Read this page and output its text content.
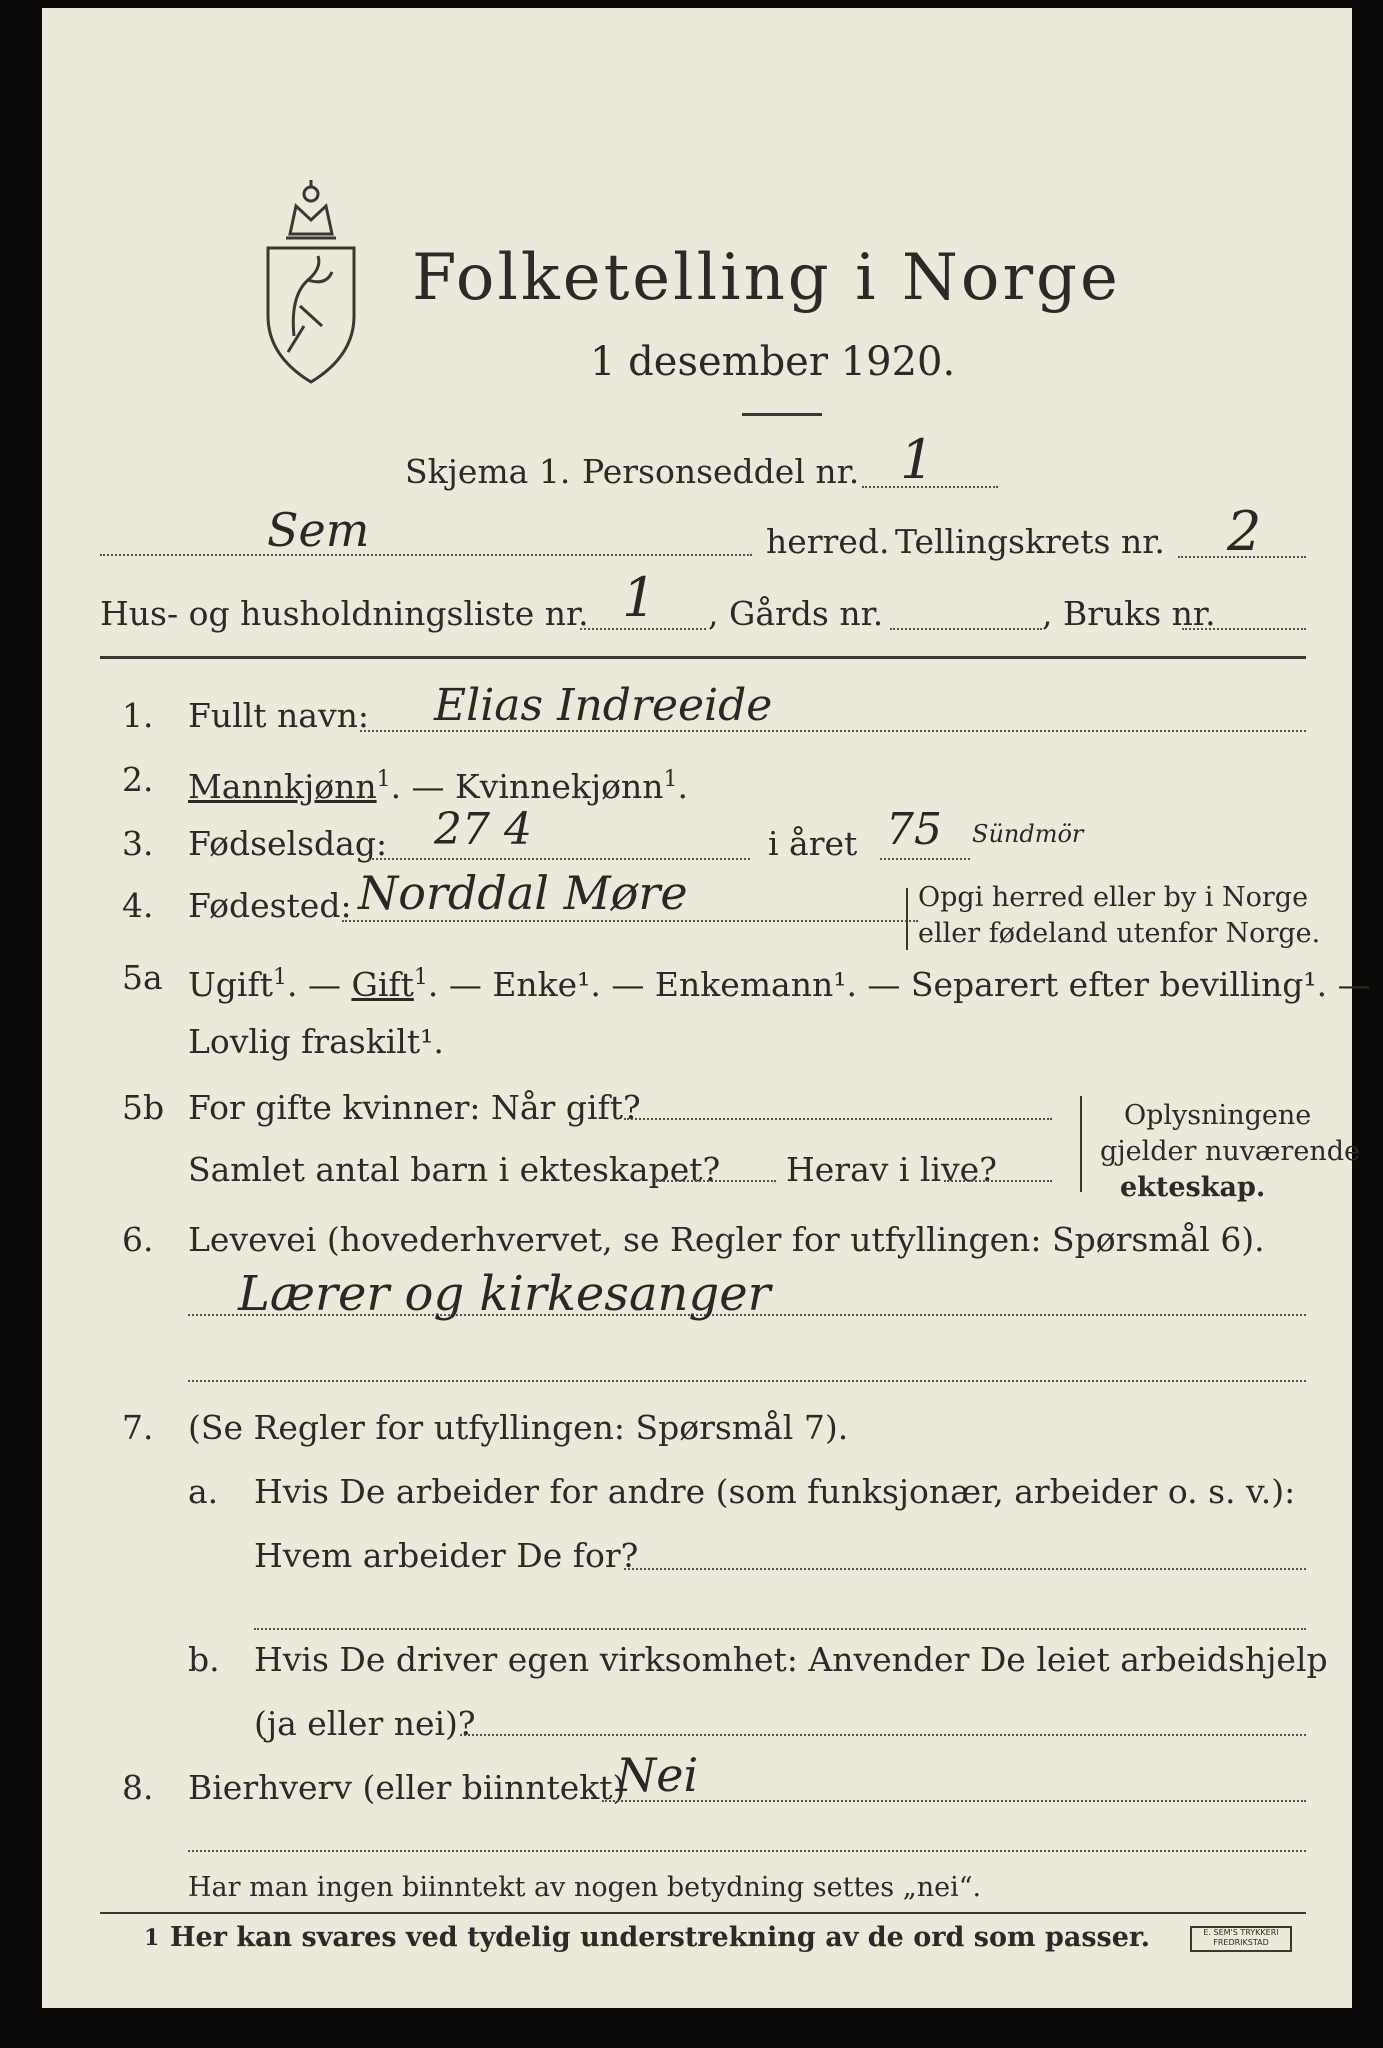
Folketelling i Norge
1 desember 1920.
Skjema 1. Personseddel nr. 1
Sem	herred. Tellingskrets nr. 2
Hus- og husholdningsliste nr. 1 , Gårds nr.	, Bruks nr.
1. Fullt navn: Elias Indreeide
2. Mannkjønn$^1$. — Kvinnekjønn$^1$.
3. Fødselsdag: 27 4	i året 75 Sündmör
4. Fødested: Norddal Møre	Opgi herred eller by i Norge
eller fødeland utenfor Norge.
5a Ugift$^1$. — Gift$^1$. — Enke¹. — Enkemann¹. — Separert efter bevilling¹. —
Lovlig fraskilt¹.
5b For gifte kvinner: Når gift?
Samlet antal barn i ekteskapet? Herav i live?
Oplysningene
gjelder nuværende
ekteskap.
6. Levevei (hovederhvervet, se Regler for utfyllingen: Spørsmål 6).
Lærer og kirkesanger
7. (Se Regler for utfyllingen: Spørsmål 7).
a. Hvis De arbeider for andre (som funksjonær, arbeider o. s. v.):
Hvem arbeider De for?
b. Hvis De driver egen virksomhet: Anvender De leiet arbeidshjelp
(ja eller nei)?
8. Bierhverv (eller biinntekt)
Nei
Har man ingen biinntekt av nogen betydning settes „nei“.
1 Her kan svares ved tydelig understrekning av de ord som passer.	E. SEM'S TRYKKERI FREDRIKSTAD
